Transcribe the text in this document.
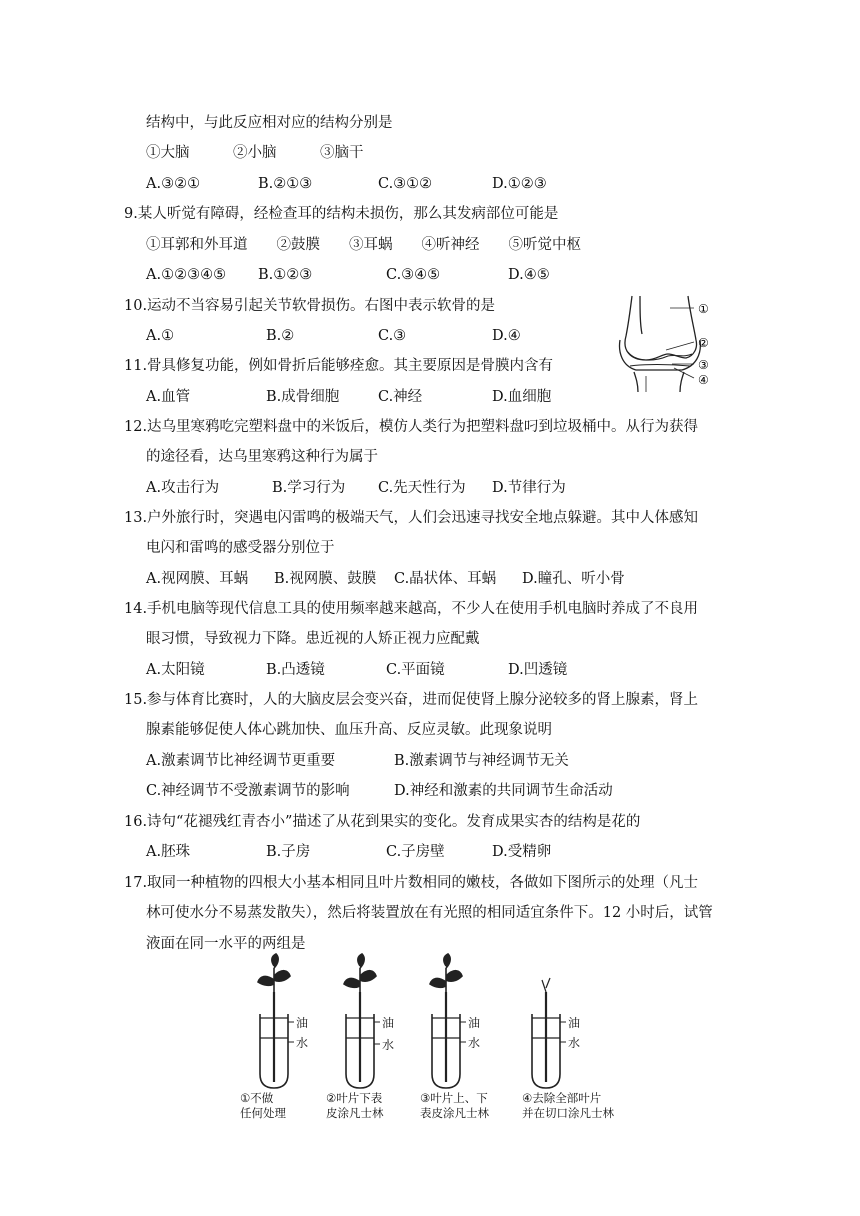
结构中，与此反应相对应的结构分别是
①大脑　　　②小脑　　　③脑干
A.③②①	B.②①③	C.③①②	D.①②③
9.某人听觉有障碍，经检查耳的结构未损伤，那么其发病部位可能是
①耳郭和外耳道　　②鼓膜　　③耳蜗　　④听神经　　⑤听觉中枢
A.①②③④⑤ B.①②③	C.③④⑤	D.④⑤
10.运动不当容易引起关节软骨损伤。右图中表示软骨的是
A.①	B.②	C.③	D.④
①
②
③
④
11.骨具修复功能，例如骨折后能够痊愈。其主要原因是骨膜内含有
A.血管	B.成骨细胞	C.神经	D.血细胞
12.达乌里寒鸦吃完塑料盘中的米饭后，模仿人类行为把塑料盘叼到垃圾桶中。从行为获得
的途径看，达乌里寒鸦这种行为属于
A.攻击行为	B.学习行为 C.先天性行为 D.节律行为
13.户外旅行时，突遇电闪雷鸣的极端天气，人们会迅速寻找安全地点躲避。其中人体感知
电闪和雷鸣的感受器分别位于
A.视网膜、耳蜗 B.视网膜、鼓膜 C.晶状体、耳蜗 D.瞳孔、听小骨
14.手机电脑等现代信息工具的使用频率越来越高，不少人在使用手机电脑时养成了不良用
眼习惯，导致视力下降。患近视的人矫正视力应配戴
A.太阳镜	B.凸透镜	C.平面镜	D.凹透镜
15.参与体育比赛时，人的大脑皮层会变兴奋，进而促使肾上腺分泌较多的肾上腺素，肾上
腺素能够促使人体心跳加快、血压升高、反应灵敏。此现象说明
A.激素调节比神经调节更重要	B.激素调节与神经调节无关
C.神经调节不受激素调节的影响	D.神经和激素的共同调节生命活动
16.诗句“花褪残红青杏小”描述了从花到果实的变化。发育成果实杏的结构是花的
A.胚珠	B.子房	C.子房壁	D.受精卵
17.取同一种植物的四根大小基本相同且叶片数相同的嫩枝，各做如下图所示的处理（凡士
林可使水分不易蒸发散失），然后将装置放在有光照的相同适宜条件下。12 小时后，试管
液面在同一水平的两组是
油
水
油
水
油
水
油
水
①不做
任何处理
②叶片下表
皮涂凡士林
③叶片上、下
表皮涂凡士林
④去除全部叶片
并在切口涂凡士林
